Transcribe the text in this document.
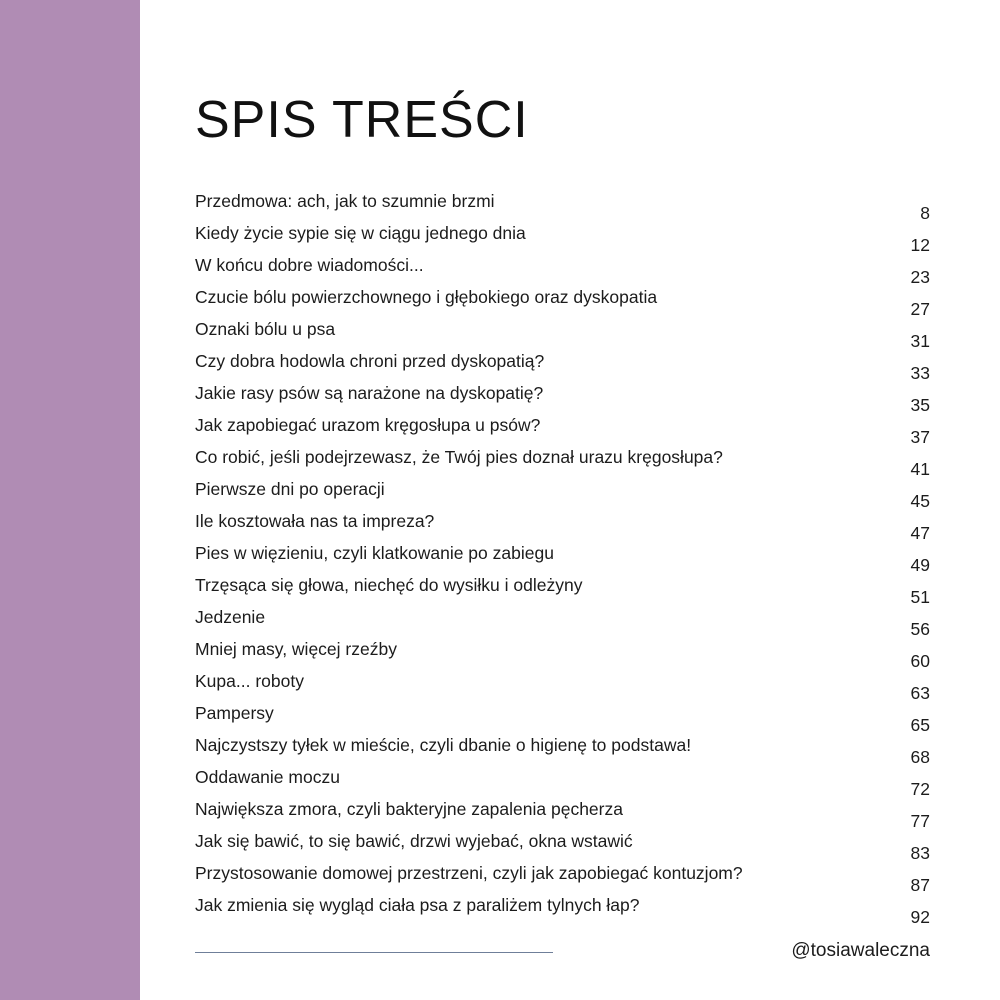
SPIS TREŚCI
Przedmowa: ach, jak to szumnie brzmi
8
Kiedy życie sypie się w ciągu jednego dnia
12
W końcu dobre wiadomości...
23
Czucie bólu powierzchownego i głębokiego oraz dyskopatia
27
Oznaki bólu u psa
31
Czy dobra hodowla chroni przed dyskopatią?
33
Jakie rasy psów są narażone na dyskopatię?
35
Jak zapobiegać urazom kręgosłupa u psów?
37
Co robić, jeśli podejrzewasz, że Twój pies doznał urazu kręgosłupa?
41
Pierwsze dni po operacji
45
Ile kosztowała nas ta impreza?
47
Pies w więzieniu, czyli klatkowanie po zabiegu
49
Trzęsąca się głowa, niechęć do wysiłku i odleżyny
51
Jedzenie
56
Mniej masy, więcej rzeźby
60
Kupa... roboty
63
Pampersy
65
Najczystszy tyłek w mieście, czyli dbanie o higienę to podstawa!
68
Oddawanie moczu
72
Największa zmora, czyli bakteryjne zapalenia pęcherza
77
Jak się bawić, to się bawić, drzwi wyjebać, okna wstawić
83
Przystosowanie domowej przestrzeni, czyli jak zapobiegać kontuzjom?
87
Jak zmienia się wygląd ciała psa z paraliżem tylnych łap?
92
@tosiawaleczna
